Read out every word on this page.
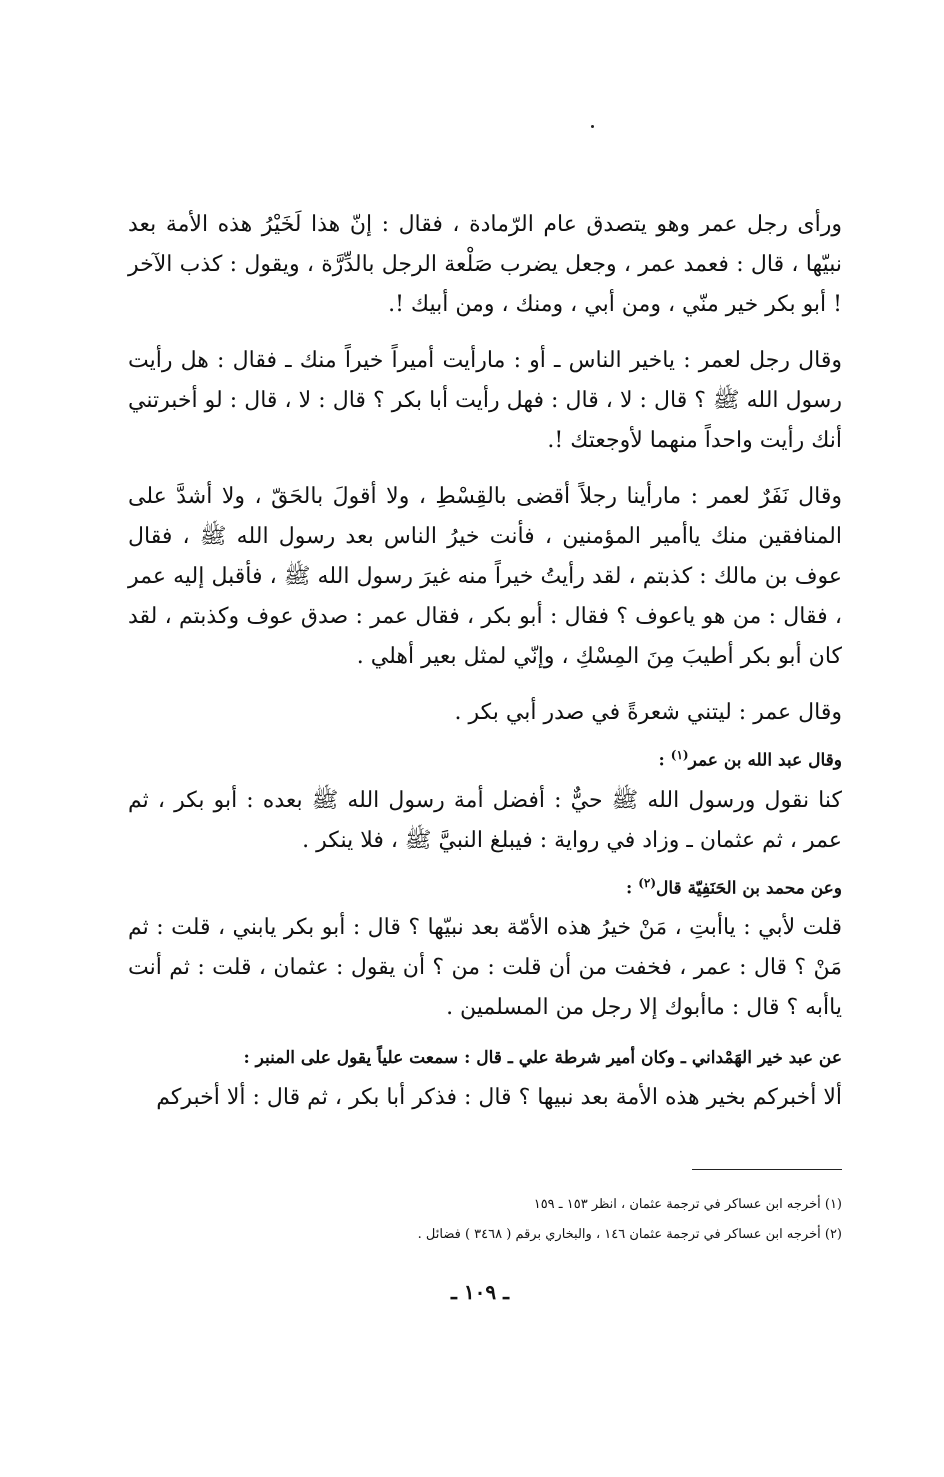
ورأى رجل عمر وهو يتصدق عام الرّمادة ، فقال : إنّ هذا لَخَيْرُ هذه الأمة بعد نبيّها ، قال : فعمد عمر ، وجعل يضرب صَلْعة الرجل بالدِّرَّة ، ويقول : كذب الآخر ! أبو بكر خير منّي ، ومن أبي ، ومنك ، ومن أبيك !.

وقال رجل لعمر : ياخير الناس ـ أو : مارأيت أميراً خيراً منك ـ فقال : هل رأيت رسول الله ﷺ ؟ قال : لا ، قال : فهل رأيت أبا بكر ؟ قال : لا ، قال : لو أخبرتني أنك رأيت واحداً منهما لأوجعتك !.

وقال نَفَرٌ لعمر : مارأينا رجلاً أقضى بالقِسْطِ ، ولا أقولَ بالحَقّ ، ولا أشدَّ على المنافقين منك ياأمير المؤمنين ، فأنت خيرُ الناس بعد رسول الله ﷺ ، فقال عوف بن مالك : كذبتم ، لقد رأيتُ خيراً منه غيرَ رسول الله ﷺ ، فأقبل إليه عمر ، فقال : من هو ياعوف ؟ فقال : أبو بكر ، فقال عمر : صدق عوف وكذبتم ، لقد كان أبو بكر أطيبَ مِنَ المِسْكِ ، وإنّي لمثل بعير أهلي .

وقال عمر : ليتني شعرةً في صدر أبي بكر .

وقال عبد الله بن عمر$^{(١)}$ :

كنا نقول ورسول الله ﷺ حيٌّ : أفضل أمة رسول الله ﷺ بعده : أبو بكر ، ثم عمر ، ثم عثمان ـ وزاد في رواية : فيبلغ النبيَّ ﷺ ، فلا ينكر .

وعن محمد بن الحَنَفِيّة قال$^{(٢)}$ :

قلت لأبي : ياأبتِ ، مَنْ خيرُ هذه الأمّة بعد نبيّها ؟ قال : أبو بكر يابني ، قلت : ثم مَنْ ؟ قال : عمر ، فخفت من أن قلت : من ؟ أن يقول : عثمان ، قلت : ثم أنت ياأبه ؟ قال : ماأبوك إلا رجل من المسلمين .

عن عبد خير الهَمْداني ـ وكان أمير شرطة علي ـ قال : سمعت علياً يقول على المنبر :

ألا أخبركم بخير هذه الأمة بعد نبيها ؟ قال : فذكر أبا بكر ، ثم قال : ألا أخبركم

(١) أخرجه ابن عساكر في ترجمة عثمان ، انظر ١٥٣ ـ ١٥٩

(٢) أخرجه ابن عساكر في ترجمة عثمان ١٤٦ ، والبخاري برقم ( ٣٤٦٨ ) فضائل .

ـ ١٠٩ ـ
